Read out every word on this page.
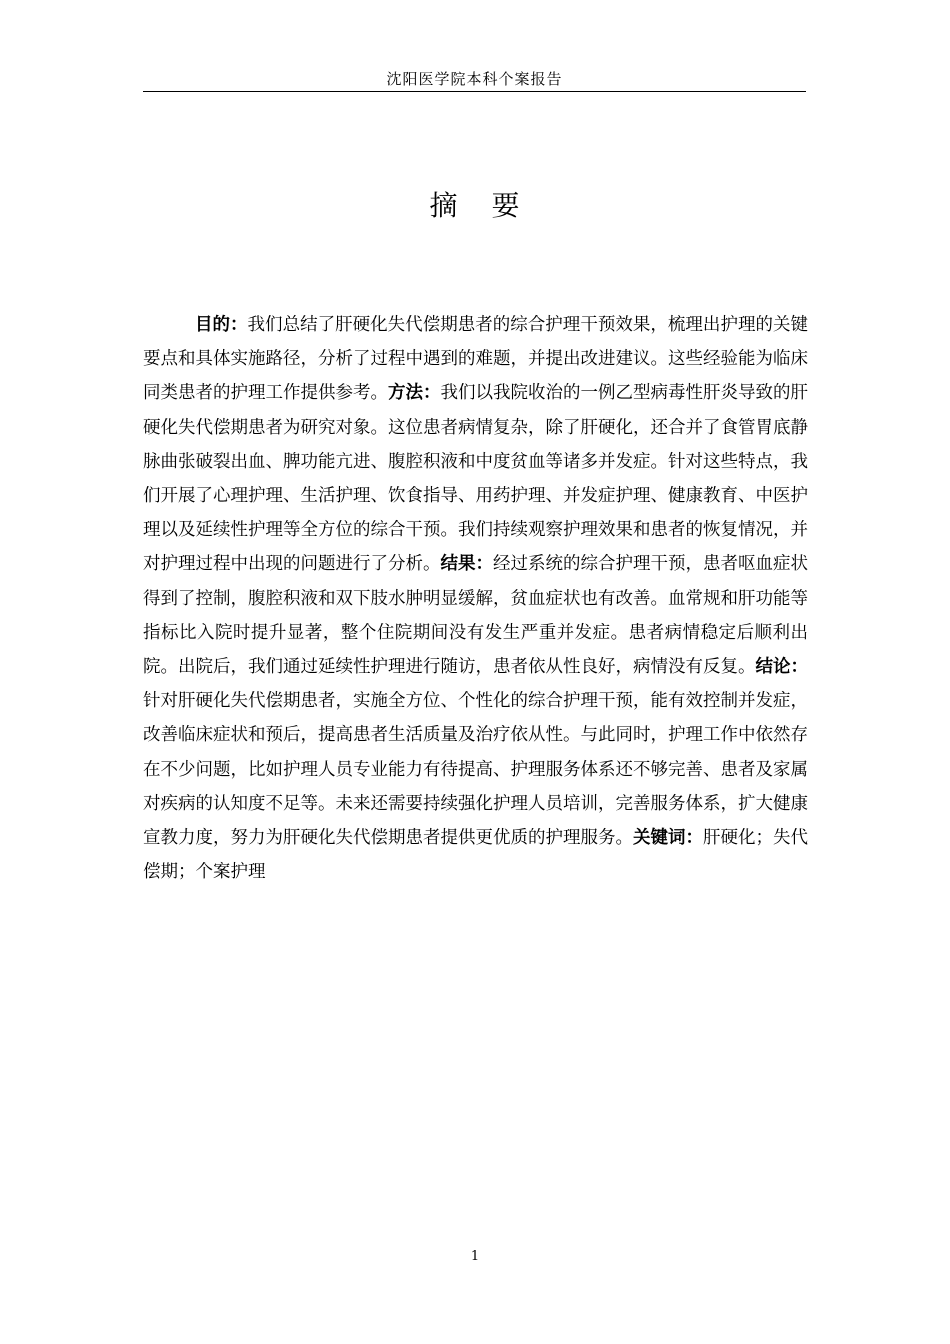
沈阳医学院本科个案报告
摘 要

目的：我们总结了肝硬化失代偿期患者的综合护理干预效果，梳理出护理的关键要点和具体实施路径，分析了过程中遇到的难题，并提出改进建议。这些经验能为临床同类患者的护理工作提供参考。方法：我们以我院收治的一例乙型病毒性肝炎导致的肝硬化失代偿期患者为研究对象。这位患者病情复杂，除了肝硬化，还合并了食管胃底静脉曲张破裂出血、脾功能亢进、腹腔积液和中度贫血等诸多并发症。针对这些特点，我们开展了心理护理、生活护理、饮食指导、用药护理、并发症护理、健康教育、中医护理以及延续性护理等全方位的综合干预。我们持续观察护理效果和患者的恢复情况，并对护理过程中出现的问题进行了分析。结果：经过系统的综合护理干预，患者呕血症状得到了控制，腹腔积液和双下肢水肿明显缓解，贫血症状也有改善。血常规和肝功能等指标比入院时提升显著，整个住院期间没有发生严重并发症。患者病情稳定后顺利出院。出院后，我们通过延续性护理进行随访，患者依从性良好，病情没有反复。结论：针对肝硬化失代偿期患者，实施全方位、个性化的综合护理干预，能有效控制并发症，改善临床症状和预后，提高患者生活质量及治疗依从性。与此同时，护理工作中依然存在不少问题，比如护理人员专业能力有待提高、护理服务体系还不够完善、患者及家属对疾病的认知度不足等。未来还需要持续强化护理人员培训，完善服务体系，扩大健康宣教力度，努力为肝硬化失代偿期患者提供更优质的护理服务。关键词：肝硬化；失代偿期；个案护理

1
